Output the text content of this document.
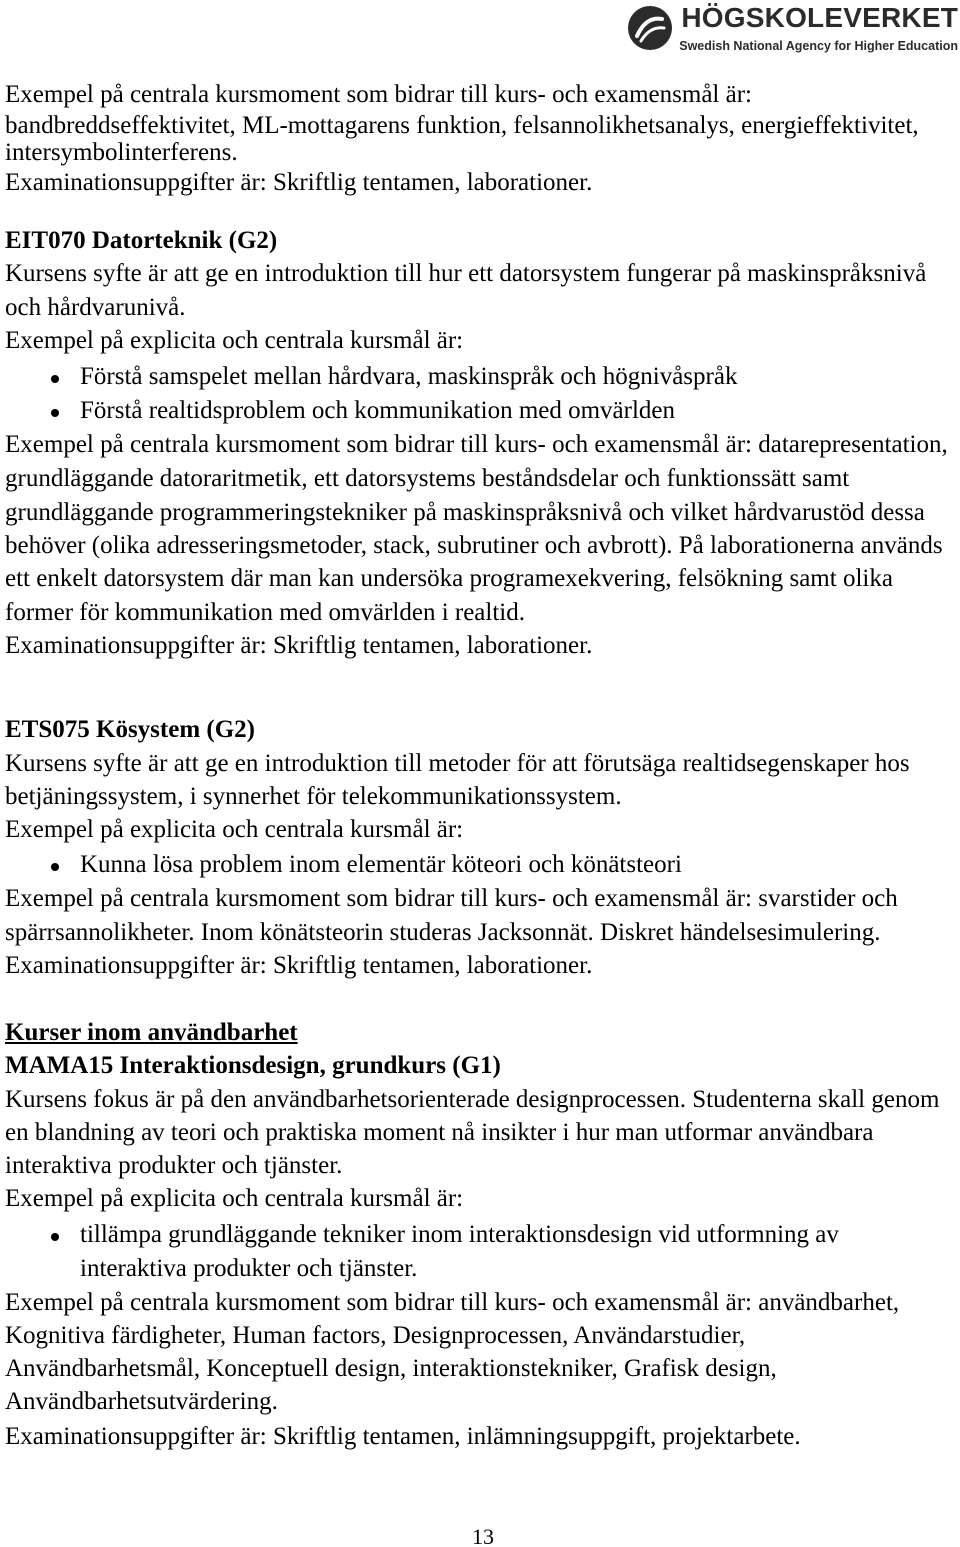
HÖGSKOLEVERKET
Swedish National Agency for Higher Education
Exempel på centrala kursmoment som bidrar till kurs- och examensmål är:
bandbreddseffektivitet, ML-mottagarens funktion, felsannolikhetsanalys, energieffektivitet,
intersymbolinterferens.
Examinationsuppgifter är: Skriftlig tentamen, laborationer.
EIT070 Datorteknik (G2)
Kursens syfte är att ge en introduktion till hur ett datorsystem fungerar på maskinspråksnivå
och hårdvarunivå.
Exempel på explicita och centrala kursmål är:
Förstå samspelet mellan hårdvara, maskinspråk och högnivåspråk
Förstå realtidsproblem och kommunikation med omvärlden
Exempel på centrala kursmoment som bidrar till kurs- och examensmål är: datarepresentation,
grundläggande datoraritmetik, ett datorsystems beståndsdelar och funktionssätt samt
grundläggande programmeringstekniker på maskinspråksnivå och vilket hårdvarustöd dessa
behöver (olika adresseringsmetoder, stack, subrutiner och avbrott). På laborationerna används
ett enkelt datorsystem där man kan undersöka programexekvering, felsökning samt olika
former för kommunikation med omvärlden i realtid.
Examinationsuppgifter är: Skriftlig tentamen, laborationer.
ETS075 Kösystem (G2)
Kursens syfte är att ge en introduktion till metoder för att förutsäga realtidsegenskaper hos
betjäningssystem, i synnerhet för telekommunikationssystem.
Exempel på explicita och centrala kursmål är:
Kunna lösa problem inom elementär köteori och könätsteori
Exempel på centrala kursmoment som bidrar till kurs- och examensmål är: svarstider och
spärrsannolikheter. Inom könätsteorin studeras Jacksonnät. Diskret händelsesimulering.
Examinationsuppgifter är: Skriftlig tentamen, laborationer.
Kurser inom användbarhet
MAMA15 Interaktionsdesign, grundkurs (G1)
Kursens fokus är på den användbarhetsorienterade designprocessen. Studenterna skall genom
en blandning av teori och praktiska moment nå insikter i hur man utformar användbara
interaktiva produkter och tjänster.
Exempel på explicita och centrala kursmål är:
tillämpa grundläggande tekniker inom interaktionsdesign vid utformning av
interaktiva produkter och tjänster.
Exempel på centrala kursmoment som bidrar till kurs- och examensmål är: användbarhet,
Kognitiva färdigheter, Human factors, Designprocessen, Användarstudier,
Användbarhetsmål, Konceptuell design, interaktionstekniker, Grafisk design,
Användbarhetsutvärdering.
Examinationsuppgifter är: Skriftlig tentamen, inlämningsuppgift, projektarbete.
13
